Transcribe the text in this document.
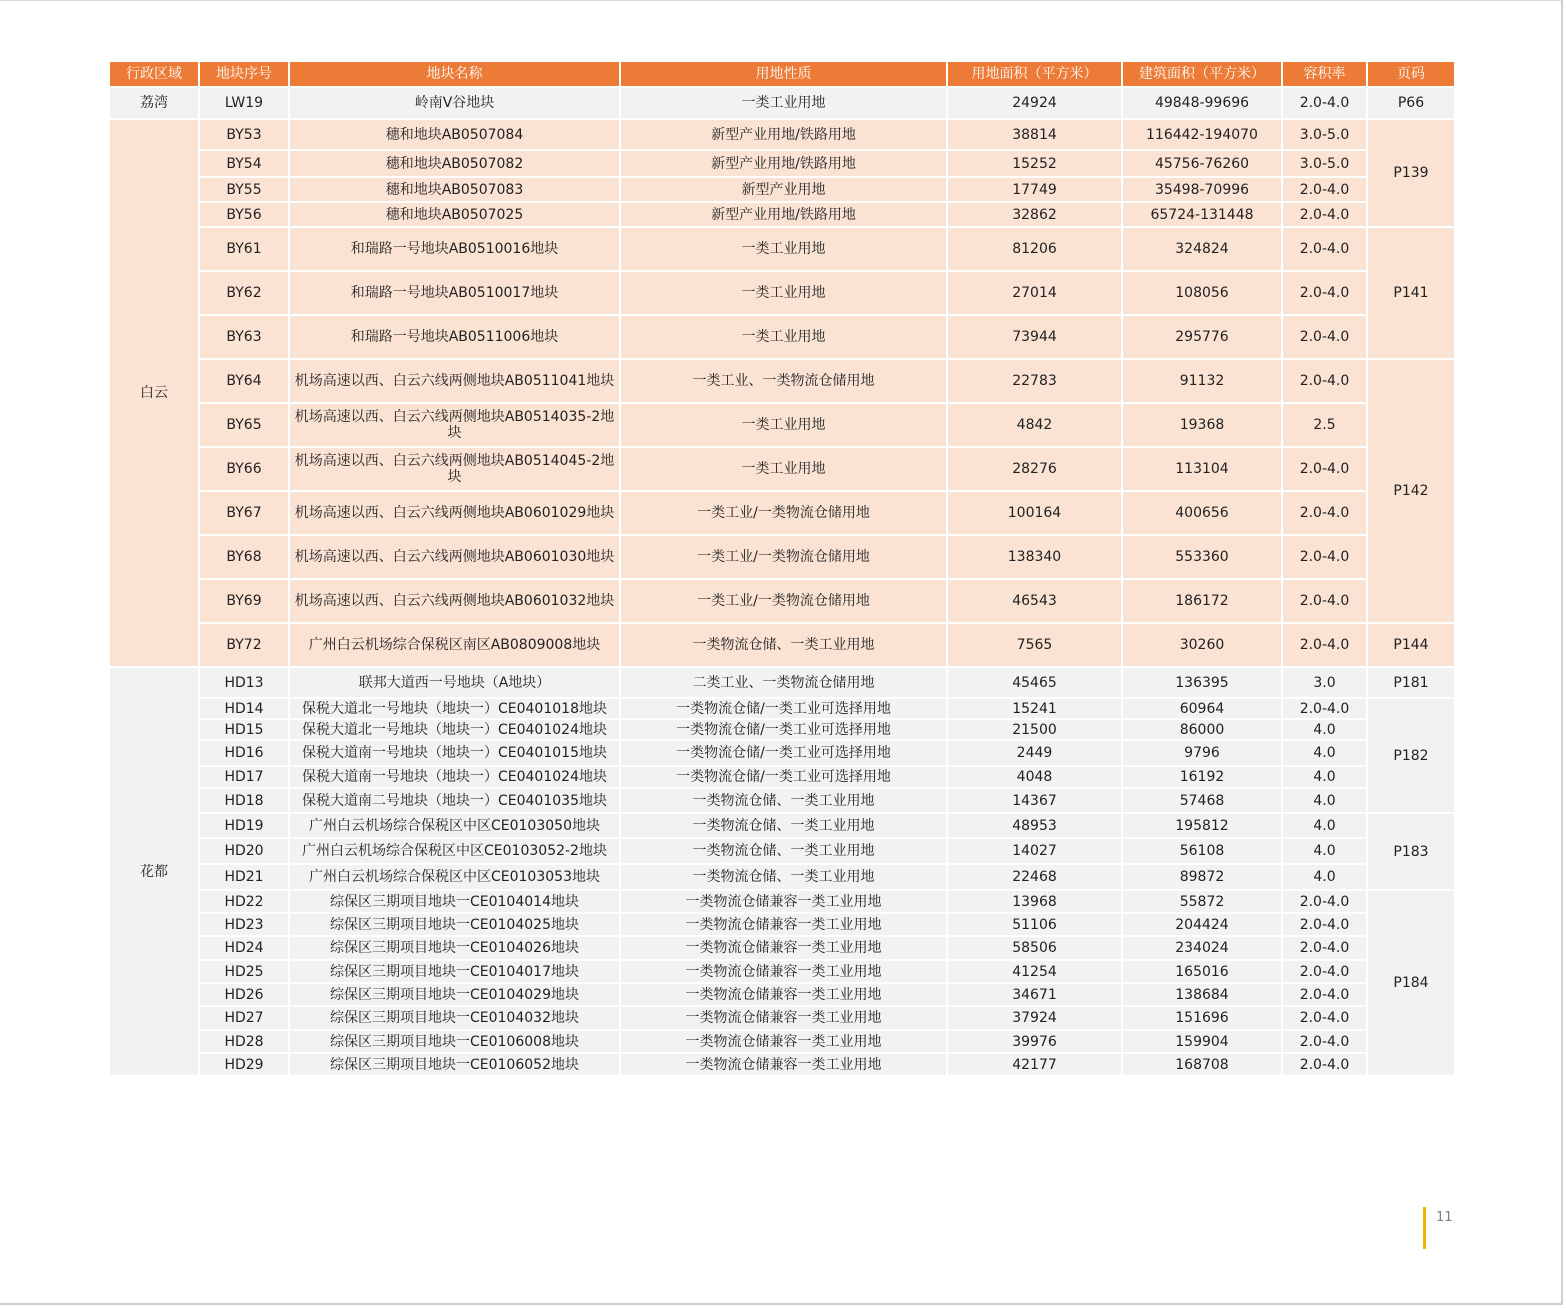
行政区域	地块序号	地块名称	用地性质	用地面积（平方米）	建筑面积（平方米）	容积率	页码
荔湾	LW19	岭南V谷地块	一类工业用地	24924	49848-99696	2.0-4.0	P66
白云	BY53	穗和地块AB0507084	新型产业用地/铁路用地	38814	116442-194070	3.0-5.0	P139
	BY54	穗和地块AB0507082	新型产业用地/铁路用地	15252	45756-76260	3.0-5.0	
	BY55	穗和地块AB0507083	新型产业用地	17749	35498-70996	2.0-4.0	
	BY56	穗和地块AB0507025	新型产业用地/铁路用地	32862	65724-131448	2.0-4.0	
	BY61	和瑞路一号地块AB0510016地块	一类工业用地	81206	324824	2.0-4.0	P141
	BY62	和瑞路一号地块AB0510017地块	一类工业用地	27014	108056	2.0-4.0	
	BY63	和瑞路一号地块AB0511006地块	一类工业用地	73944	295776	2.0-4.0	
	BY64	机场高速以西、白云六线两侧地块AB0511041地块	一类工业、一类物流仓储用地	22783	91132	2.0-4.0	P142
	BY65	机场高速以西、白云六线两侧地块AB0514035-2地块	一类工业用地	4842	19368	2.5	
	BY66	机场高速以西、白云六线两侧地块AB0514045-2地块	一类工业用地	28276	113104	2.0-4.0	
	BY67	机场高速以西、白云六线两侧地块AB0601029地块	一类工业/一类物流仓储用地	100164	400656	2.0-4.0	
	BY68	机场高速以西、白云六线两侧地块AB0601030地块	一类工业/一类物流仓储用地	138340	553360	2.0-4.0	
	BY69	机场高速以西、白云六线两侧地块AB0601032地块	一类工业/一类物流仓储用地	46543	186172	2.0-4.0	
	BY72	广州白云机场综合保税区南区AB0809008地块	一类物流仓储、一类工业用地	7565	30260	2.0-4.0	P144
花都	HD13	联邦大道西一号地块（A地块）	二类工业、一类物流仓储用地	45465	136395	3.0	P181
	HD14	保税大道北一号地块（地块一）CE0401018地块	一类物流仓储/一类工业可选择用地	15241	60964	2.0-4.0	P182
	HD15	保税大道北一号地块（地块一）CE0401024地块	一类物流仓储/一类工业可选择用地	21500	86000	4.0	
	HD16	保税大道南一号地块（地块一）CE0401015地块	一类物流仓储/一类工业可选择用地	2449	9796	4.0	
	HD17	保税大道南一号地块（地块一）CE0401024地块	一类物流仓储/一类工业可选择用地	4048	16192	4.0	
	HD18	保税大道南二号地块（地块一）CE0401035地块	一类物流仓储、一类工业用地	14367	57468	4.0	
	HD19	广州白云机场综合保税区中区CE0103050地块	一类物流仓储、一类工业用地	48953	195812	4.0	P183
	HD20	广州白云机场综合保税区中区CE0103052-2地块	一类物流仓储、一类工业用地	14027	56108	4.0	
	HD21	广州白云机场综合保税区中区CE0103053地块	一类物流仓储、一类工业用地	22468	89872	4.0	
	HD22	综保区三期项目地块一CE0104014地块	一类物流仓储兼容一类工业用地	13968	55872	2.0-4.0	P184
	HD23	综保区三期项目地块一CE0104025地块	一类物流仓储兼容一类工业用地	51106	204424	2.0-4.0	
	HD24	综保区三期项目地块一CE0104026地块	一类物流仓储兼容一类工业用地	58506	234024	2.0-4.0	
	HD25	综保区三期项目地块一CE0104017地块	一类物流仓储兼容一类工业用地	41254	165016	2.0-4.0	
	HD26	综保区三期项目地块一CE0104029地块	一类物流仓储兼容一类工业用地	34671	138684	2.0-4.0	
	HD27	综保区三期项目地块一CE0104032地块	一类物流仓储兼容一类工业用地	37924	151696	2.0-4.0	
	HD28	综保区三期项目地块一CE0106008地块	一类物流仓储兼容一类工业用地	39976	159904	2.0-4.0	
	HD29	综保区三期项目地块一CE0106052地块	一类物流仓储兼容一类工业用地	42177	168708	2.0-4.0	
11
